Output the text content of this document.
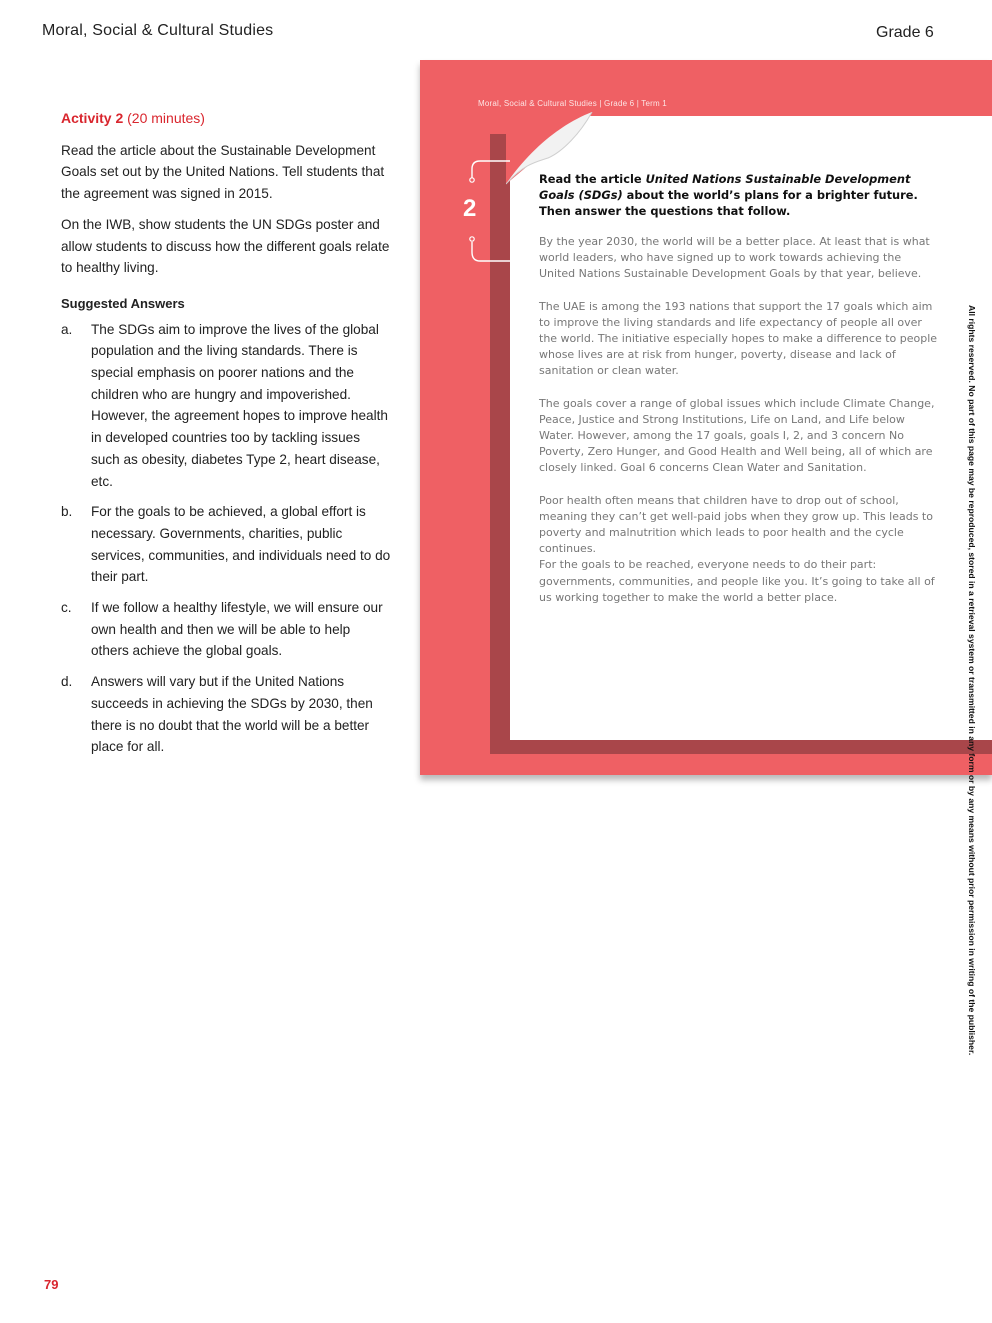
Moral, Social & Cultural Studies	Grade 6

Activity 2 (20 minutes)

Read the article about the Sustainable Development Goals set out by the United Nations. Tell students that the agreement was signed in 2015.

On the IWB, show students the UN SDGs poster and allow students to discuss how the different goals relate to healthy living.

Suggested Answers
a. The SDGs aim to improve the lives of the global population and the living standards. There is special emphasis on poorer nations and the children who are hungry and impoverished. However, the agreement hopes to improve health in developed countries too by tackling issues such as obesity, diabetes Type 2, heart disease, etc.
b. For the goals to be achieved, a global effort is necessary. Governments, charities, public services, communities, and individuals need to do their part.
c. If we follow a healthy lifestyle, we will ensure our own health and then we will be able to help others achieve the global goals.
d. Answers will vary but if the United Nations succeeds in achieving the SDGs by 2030, then there is no doubt that the world will be a better place for all.
Moral, Social & Cultural Studies | Grade 6 | Term 1
2
Read the article United Nations Sustainable Development Goals (SDGs) about the world’s plans for a brighter future. Then answer the questions that follow.

By the year 2030, the world will be a better place. At least that is what world leaders, who have signed up to work towards achieving the United Nations Sustainable Development Goals by that year, believe.

The UAE is among the 193 nations that support the 17 goals which aim to improve the living standards and life expectancy of people all over the world. The initiative especially hopes to make a difference to people whose lives are at risk from hunger, poverty, disease and lack of sanitation or clean water.

The goals cover a range of global issues which include Climate Change, Peace, Justice and Strong Institutions, Life on Land, and Life below Water. However, among the 17 goals, goals I, 2, and 3 concern No Poverty, Zero Hunger, and Good Health and Well being, all of which are closely linked. Goal 6 concerns Clean Water and Sanitation.

Poor health often means that children have to drop out of school, meaning they can’t get well-paid jobs when they grow up. This leads to poverty and malnutrition which leads to poor health and the cycle continues.

For the goals to be reached, everyone needs to do their part: governments, communities, and people like you. It’s going to take all of us working together to make the world a better place.	All rights reserved. No part of this page may be reproduced, stored in a retrieval system or transmitted in any form or by any means without prior permission in writing of the publisher.
79
